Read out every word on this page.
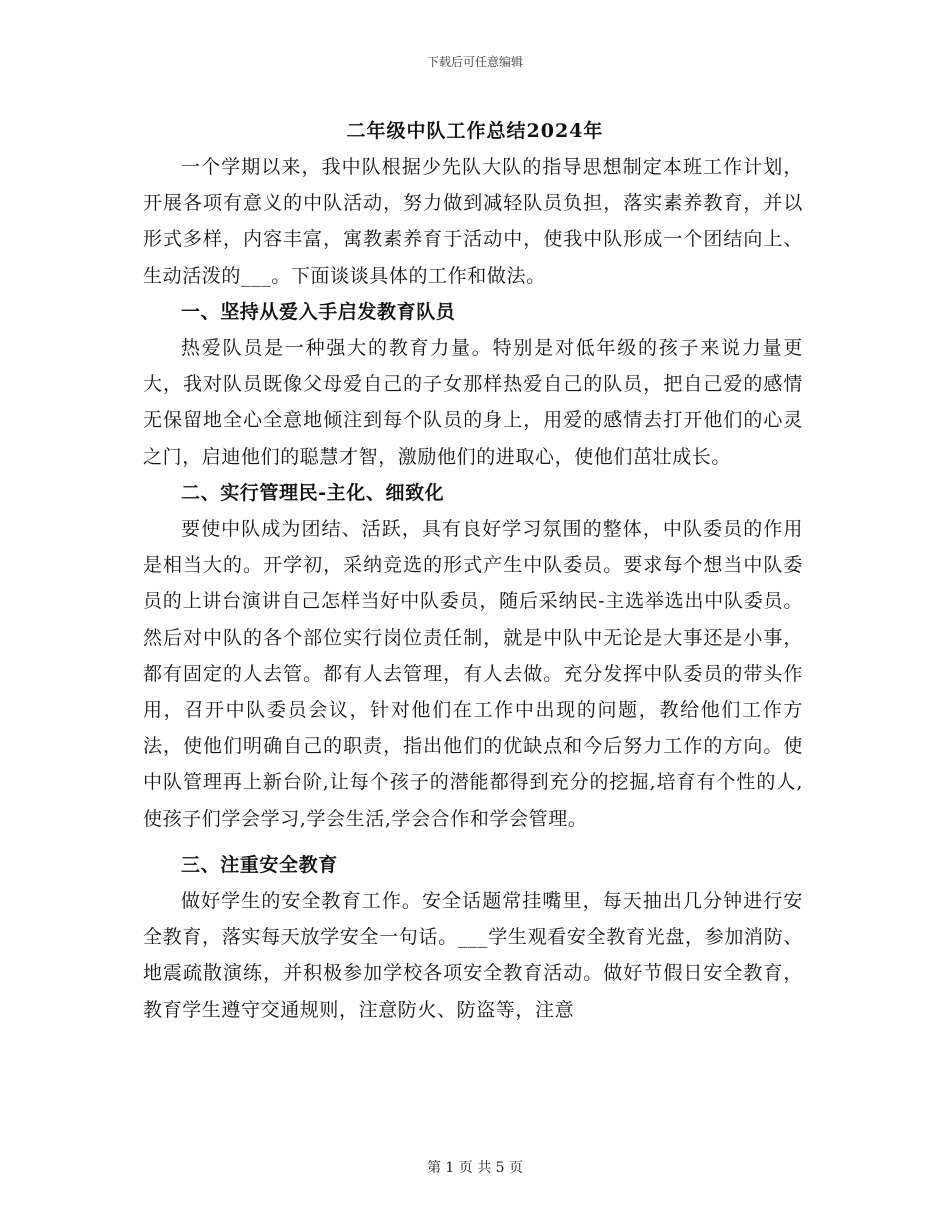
下载后可任意编辑
二年级中队工作总结2024年

一个学期以来，我中队根据少先队大队的指导思想制定本班工作计划，开展各项有意义的中队活动，努力做到减轻队员负担，落实素养教育，并以形式多样，内容丰富，寓教素养育于活动中，使我中队形成一个团结向上、生动活泼的___。下面谈谈具体的工作和做法。

一、坚持从爱入手启发教育队员

热爱队员是一种强大的教育力量。特别是对低年级的孩子来说力量更大，我对队员既像父母爱自己的子女那样热爱自己的队员，把自己爱的感情无保留地全心全意地倾注到每个队员的身上，用爱的感情去打开他们的心灵之门，启迪他们的聪慧才智，激励他们的进取心，使他们茁壮成长。

二、实行管理民-主化、细致化

要使中队成为团结、活跃，具有良好学习氛围的整体，中队委员的作用是相当大的。开学初，采纳竞选的形式产生中队委员。要求每个想当中队委员的上讲台演讲自己怎样当好中队委员，随后采纳民-主选举选出中队委员。然后对中队的各个部位实行岗位责任制，就是中队中无论是大事还是小事，都有固定的人去管。都有人去管理，有人去做。充分发挥中队委员的带头作用，召开中队委员会议，针对他们在工作中出现的问题，教给他们工作方法，使他们明确自己的职责，指出他们的优缺点和今后努力工作的方向。使中队管理再上新台阶,让每个孩子的潜能都得到充分的挖掘,培育有个性的人,使孩子们学会学习,学会生活,学会合作和学会管理。

三、注重安全教育

做好学生的安全教育工作。安全话题常挂嘴里，每天抽出几分钟进行安全教育，落实每天放学安全一句话。___学生观看安全教育光盘，参加消防、地震疏散演练，并积极参加学校各项安全教育活动。做好节假日安全教育，教育学生遵守交通规则，注意防火、防盗等，注意

第 1 页 共 5 页
